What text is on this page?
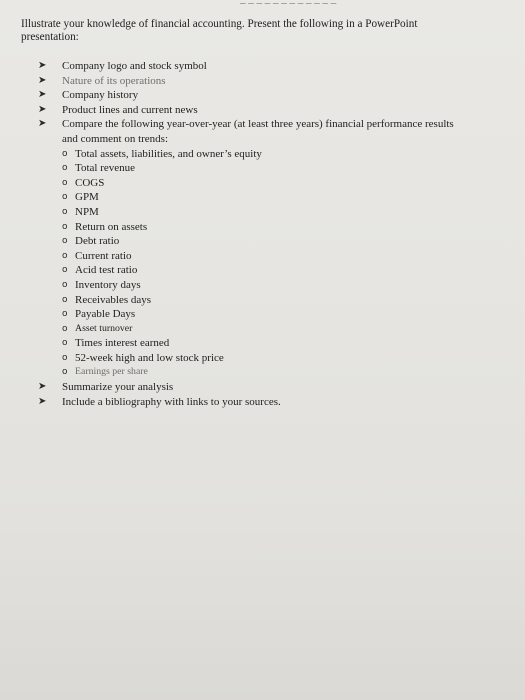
Illustrate your knowledge of financial accounting. Present the following in a PowerPoint
presentation:

➤	Company logo and stock symbol
➤	Nature of its operations
➤	Company history
➤	Product lines and current news
➤	Compare the following year-over-year (at least three years) financial performance results
and comment on trends:
o Total assets, liabilities, and owner’s equity
o Total revenue
o COGS
o GPM
o NPM
o Return on assets
o Debt ratio
o Current ratio
o Acid test ratio
o Inventory days
o Receivables days
o Payable Days
o Asset turnover
o Times interest earned
o 52-week high and low stock price
o Earnings per share
➤	Summarize your analysis
➤	Include a bibliography with links to your sources.
